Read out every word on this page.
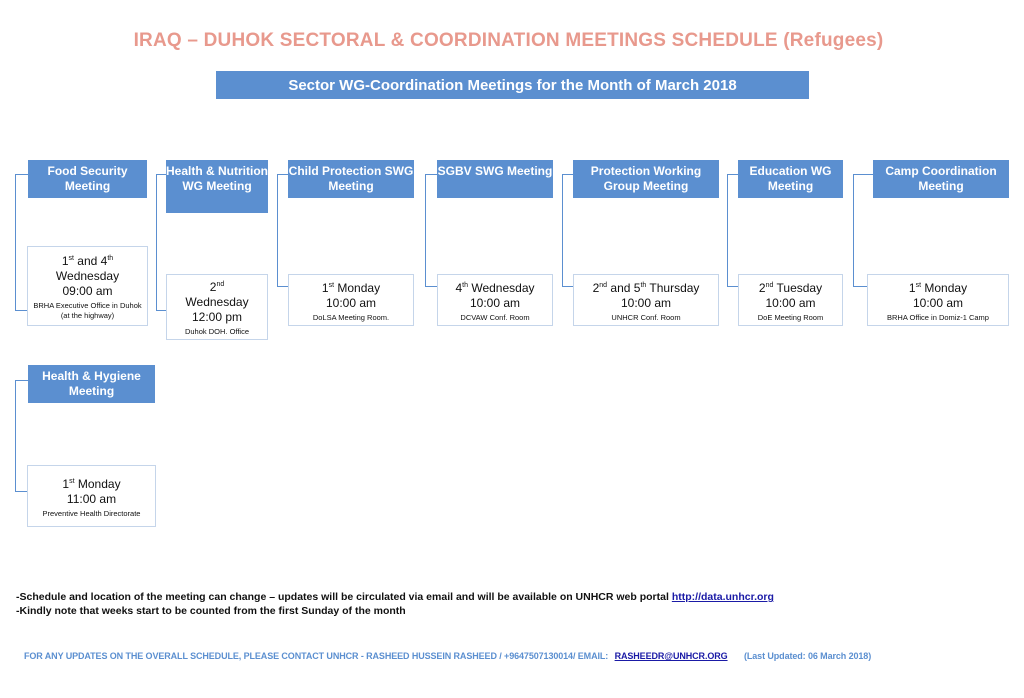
IRAQ – DUHOK SECTORAL & COORDINATION MEETINGS SCHEDULE (Refugees)
Sector WG-Coordination Meetings for the Month of March 2018
Food Security Meeting
1st and 4th
Wednesday
09:00 am
BRHA Executive Office in Duhok (at the highway)
Health & Nutrition WG Meeting
2nd
Wednesday
12:00 pm
Duhok DOH. Office
Child Protection SWG Meeting
1st Monday
10:00 am
DoLSA Meeting Room.
SGBV SWG Meeting
4th Wednesday
10:00 am
DCVAW Conf. Room
Protection Working Group Meeting
2nd and 5th Thursday
10:00 am
UNHCR Conf. Room
Education WG Meeting
2nd Tuesday
10:00 am
DoE Meeting Room
Camp Coordination Meeting
1st Monday
10:00 am
BRHA Office in Domiz-1 Camp
Health & Hygiene Meeting
1st Monday
11:00 am
Preventive Health Directorate
-Schedule and location of the meeting can change – updates will be circulated via email and will be available on UNHCR web portal http://data.unhcr.org
-Kindly note that weeks start to be counted from the first Sunday of the month
FOR ANY UPDATES ON THE OVERALL SCHEDULE, PLEASE CONTACT UNHCR - RASHEED HUSSEIN RASHEED / +9647507130014/ EMAIL: RASHEEDR@UNHCR.ORG (Last Updated: 06 March 2018)
